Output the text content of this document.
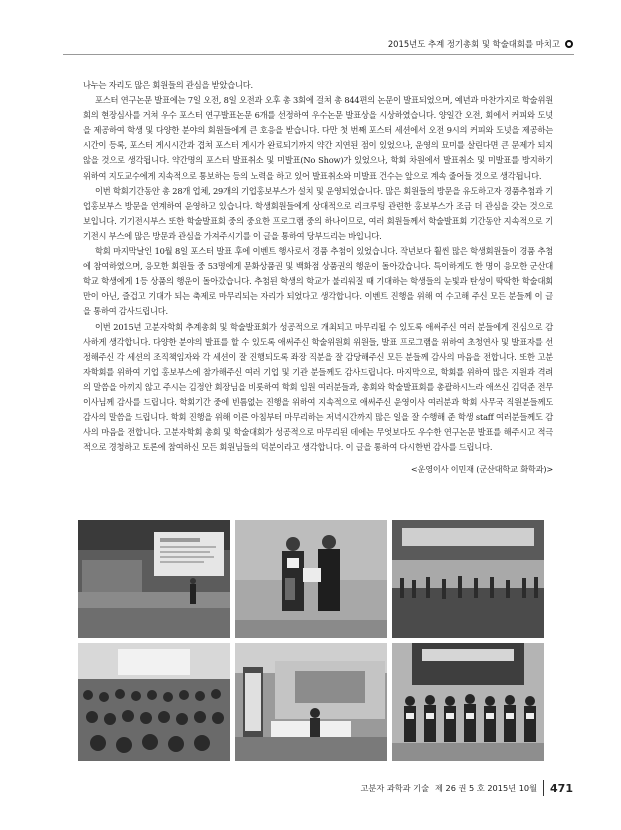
2015년도 추계 정기총회 및 학술대회를 마치고

나누는 자리도 많은 회원들의 관심을 받았습니다.

포스터 연구논문 발표에는 7일 오전, 8일 오전과 오후 총 3회에 걸쳐 총 844편의 논문이 발표되었으며, 예년과 마찬가지로 학술위원회의 현장심사를 거쳐 우수 포스터 연구발표논문 6개를 선정하여 우수논문 발표상을 시상하였습니다. 양일간 오전, 회에서 커피와 도넛을 제공하여 학생 및 다양한 분야의 회원들에게 큰 호응을 받습니다. 다만 첫 번째 포스터 세션에서 오전 9시의 커피와 도넛을 제공하는 시간이 등록, 포스터 게시시간과 겹쳐 포스터 게시가 완료되기까지 약간 지연된 점이 있었으나, 운영의 묘미를 살린다면 큰 문제가 되지 않을 것으로 생각됩니다. 약간명의 포스터 발표취소 및 미발표(No Show)가 있었으나, 학회 차원에서 발표취소 및 미발표를 방지하기 위하여 지도교수에게 지속적으로 통보하는 등의 노력을 하고 있어 발표취소와 미발표 건수는 앞으로 계속 줄어들 것으로 생각됩니다.

이번 학회기간동안 총 28개 업체, 29개의 기업홍보부스가 설치 및 운영되었습니다. 많은 회원들의 방문을 유도하고자 경품추첨과 기업홍보부스 방문을 연계하여 운영하고 있습니다. 학생회원들에게 상대적으로 리크루팅 관련한 홍보부스가 조금 더 관심을 갖는 것으로 보입니다. 기기전시부스 또한 학술발표회 중의 중요한 프로그램 중의 하나이므로, 여러 회원들께서 학술발표회 기간동안 지속적으로 기기전시 부스에 많은 방문과 관심을 가져주시기를 이 글을 통하여 당부드리는 바입니다.

학회 마지막날인 10월 8일 포스터 발표 후에 이벤트 행사로서 경품 추첨이 있었습니다. 작년보다 훨씬 많은 학생회원들이 경품 추첨에 참여하였으며, 응모한 회원들 중 53명에게 문화상품권 및 백화점 상품권의 행운이 돌아갔습니다. 특이하게도 한 명이 응모한 군산대학교 학생에게 1등 상품의 행운이 돌아갔습니다. 추첨된 학생의 학교가 불리워질 때 기대하는 학생들의 눈빛과 탄성이 딱딱한 학술대회만이 아닌, 즐겁고 기대가 되는 축제로 마무리되는 자리가 되었다고 생각합니다. 이벤트 진행을 위해 여 수고해 주신 모든 분들께 이 글을 통하여 감사드립니다.

이번 2015년 고분자학회 추계총회 및 학술발표회가 성공적으로 개최되고 마무리될 수 있도록 애써주신 여러 분들에게 진심으로 감사하게 생각합니다. 다양한 분야의 발표를 할 수 있도록 애써주신 학술위원회 위원들, 발표 프로그램을 위하여 초청연사 및 발표자를 선정해주신 각 세션의 조직책임자와 각 세션이 잘 진행되도록 좌장 직분을 잘 감당해주신 모든 분들께 감사의 마음을 전합니다. 또한 고분자학회를 위하여 기업 홍보부스에 참가해주신 여러 기업 및 기관 분들께도 감사드립니다. 마지막으로, 학회를 위하여 많은 지원과 격려의 말씀을 아끼지 않고 주시는 김정안 회장님을 비롯하여 학회 임원 여러분들과, 총회와 학술발표회를 총괄하시느라 애쓰신 김덕준 전무이사님께 감사를 드립니다. 학회기간 중에 빈틈없는 진행을 위하여 지속적으로 애써주신 운영이사 여러분과 학회 사무국 직원분들께도 감사의 말씀을 드립니다. 학회 진행을 위해 이른 아침부터 마무리하는 저녁시간까지 많은 일을 잘 수행해 준 학생 staff 여러분들께도 감사의 마음을 전합니다. 고분자학회 총회 및 학술대회가 성공적으로 마무리된 데에는 무엇보다도 우수한 연구논문 발표를 해주시고 적극적으로 경청하고 토론에 참여하신 모든 회원님들의 덕분이라고 생각합니다. 이 글을 통하여 다시한번 감사를 드립니다.

<운영이사 이민재 (군산대학교 화학과)>
고분자 과학과 기술 제 26 권 5 호 2015년 10월 471
